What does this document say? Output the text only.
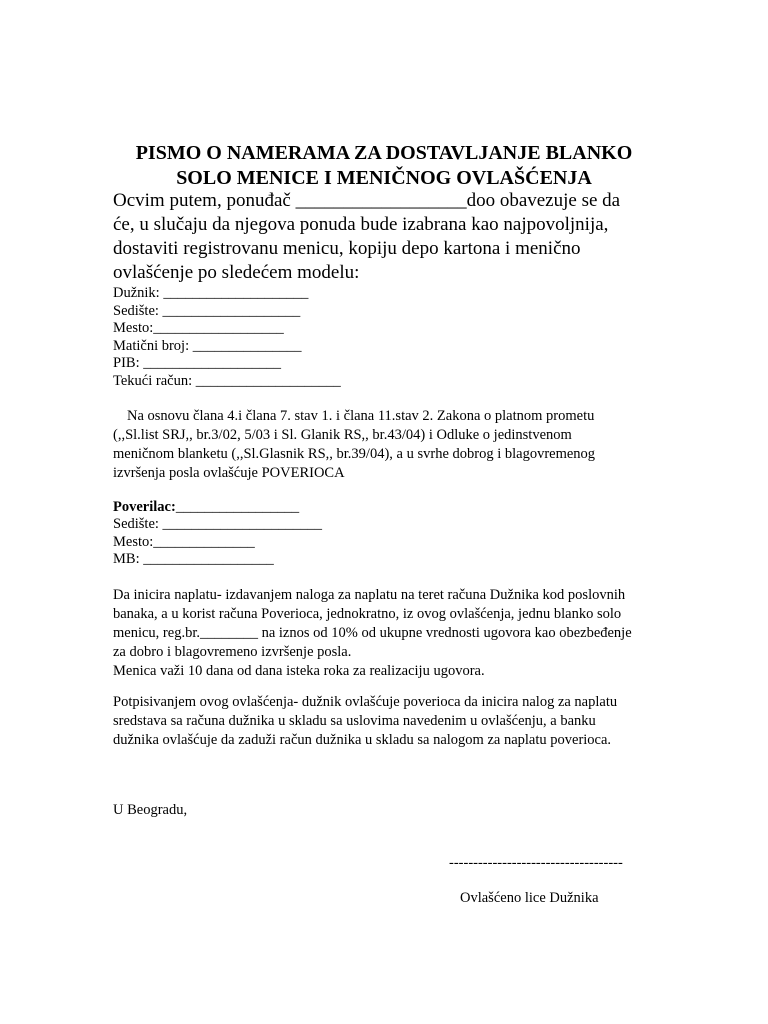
PISMO O NAMERAMA ZA DOSTAVLJANJE BLANKO
SOLO MENICE I MENIČNOG OVLAŠĆENJA
Ocvim putem, ponuđač __________________doo obavezuje se da
će, u slučaju da njegova ponuda bude izabrana kao najpovoljnija,
dostaviti registrovanu menicu, kopiju depo kartona i menično
ovlašćenje po sledećem modelu:
Dužnik: ____________________
Sedište: ___________________
Mesto:__________________
Matični broj: _______________
PIB: ___________________
Tekući račun: ____________________
Na osnovu člana 4.i člana 7. stav 1. i člana 11.stav 2. Zakona o platnom prometu
(,,Sl.list SRJ,, br.3/02, 5/03 i Sl. Glanik RS,, br.43/04) i Odluke o jedinstvenom
meničnom blanketu (,,Sl.Glasnik RS,, br.39/04), a u svrhe dobrog i blagovremenog
izvršenja posla ovlašćuje POVERIOCA
Poverilac:_________________
Sedište: ______________________
Mesto:______________
MB: __________________
Da inicira naplatu- izdavanjem naloga za naplatu na teret računa Dužnika kod poslovnih
banaka, a u korist računa Poverioca, jednokratno, iz ovog ovlašćenja, jednu blanko solo
menicu, reg.br.________ na iznos od 10% od ukupne vrednosti ugovora kao obezbeđenje
za dobro i blagovremeno izvršenje posla.
Menica važi 10 dana od dana isteka roka za realizaciju ugovora.
Potpisivanjem ovog ovlašćenja- dužnik ovlašćuje poverioca da inicira nalog za naplatu
sredstava sa računa dužnika u skladu sa uslovima navedenim u ovlašćenju, a banku
dužnika ovlašćuje da zaduži račun dužnika u skladu sa nalogom za naplatu poverioca.
U Beogradu,
------------------------------------
Ovlašćeno lice Dužnika
